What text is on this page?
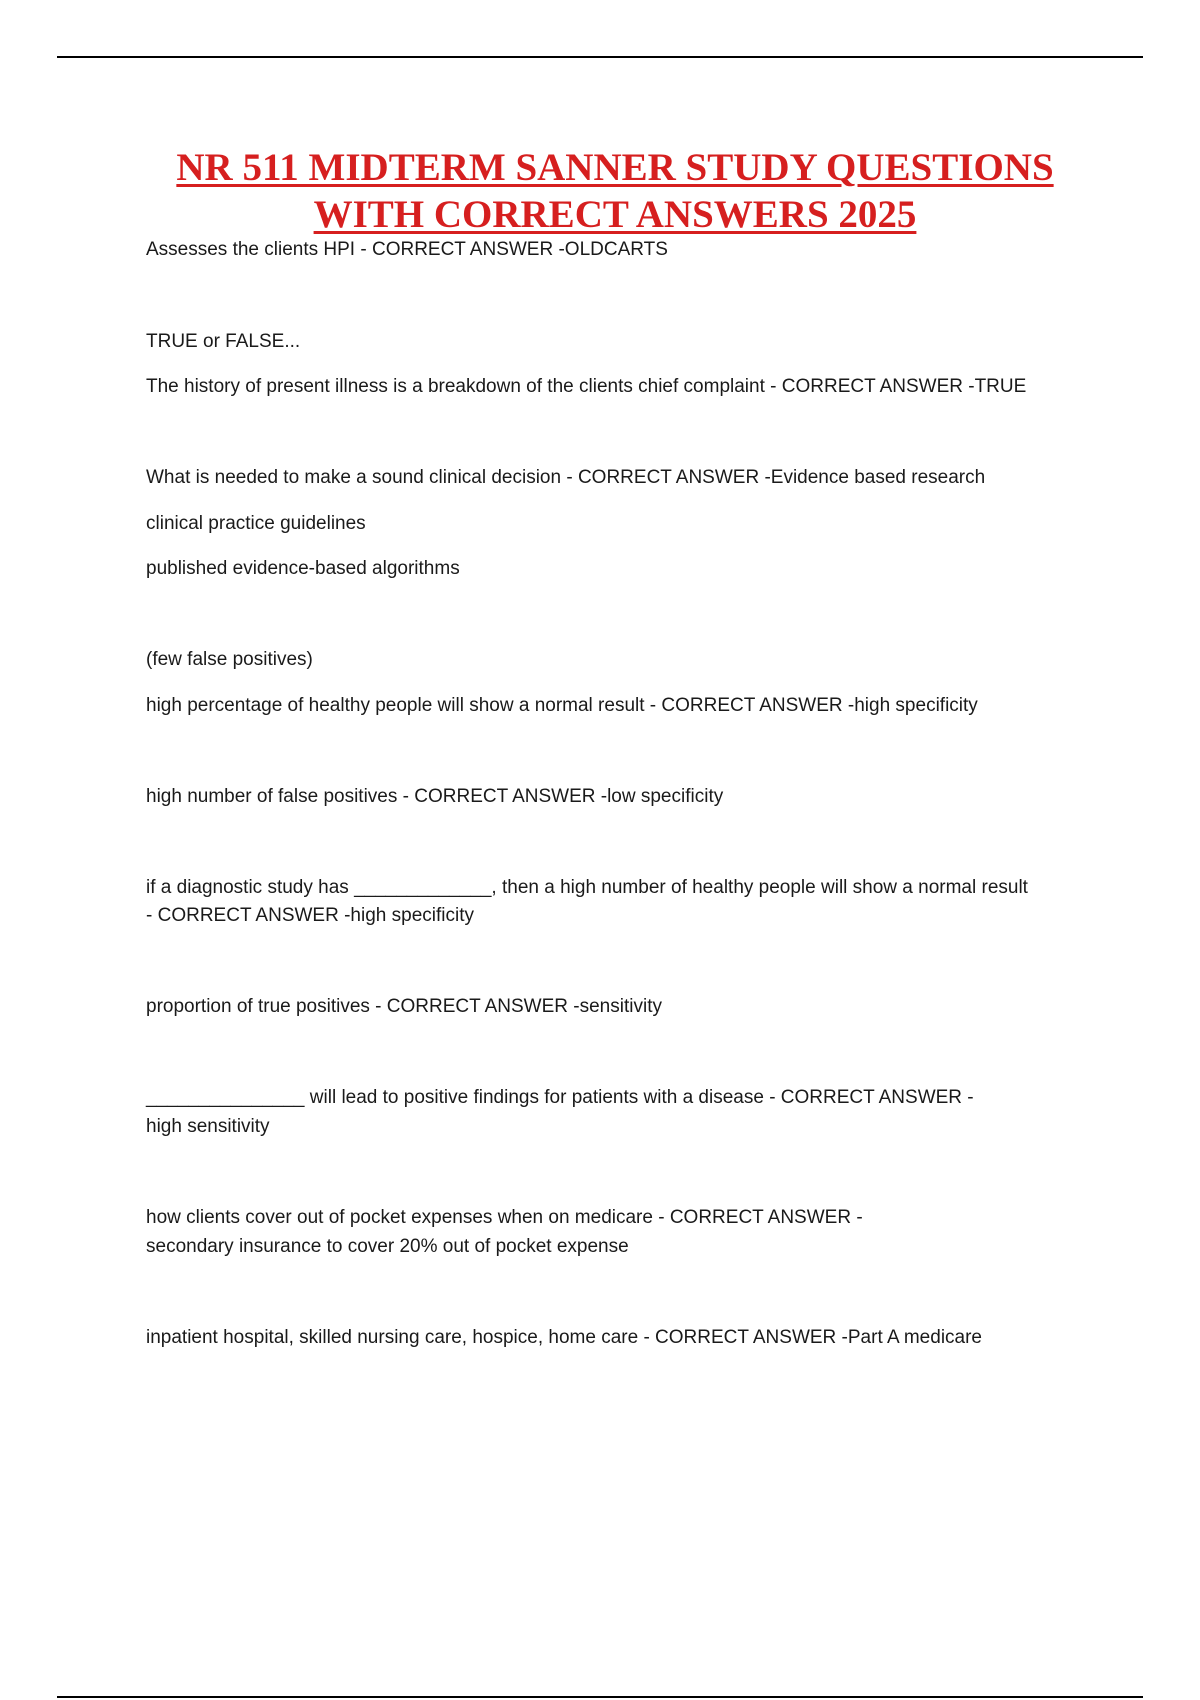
NR 511 MIDTERM SANNER STUDY QUESTIONS
WITH CORRECT ANSWERS 2025

Assesses the clients HPI - CORRECT ANSWER -OLDCARTS

TRUE or FALSE...

The history of present illness is a breakdown of the clients chief complaint - CORRECT ANSWER -TRUE

What is needed to make a sound clinical decision - CORRECT ANSWER -Evidence based research

clinical practice guidelines

published evidence-based algorithms

(few false positives)

high percentage of healthy people will show a normal result - CORRECT ANSWER -high specificity

high number of false positives - CORRECT ANSWER -low specificity

if a diagnostic study has _____________, then a high number of healthy people will show a normal result

- CORRECT ANSWER -high specificity

proportion of true positives - CORRECT ANSWER -sensitivity

_______________ will lead to positive findings for patients with a disease - CORRECT ANSWER -

high sensitivity

how clients cover out of pocket expenses when on medicare - CORRECT ANSWER -

secondary insurance to cover 20% out of pocket expense

inpatient hospital, skilled nursing care, hospice, home care - CORRECT ANSWER -Part A medicare
